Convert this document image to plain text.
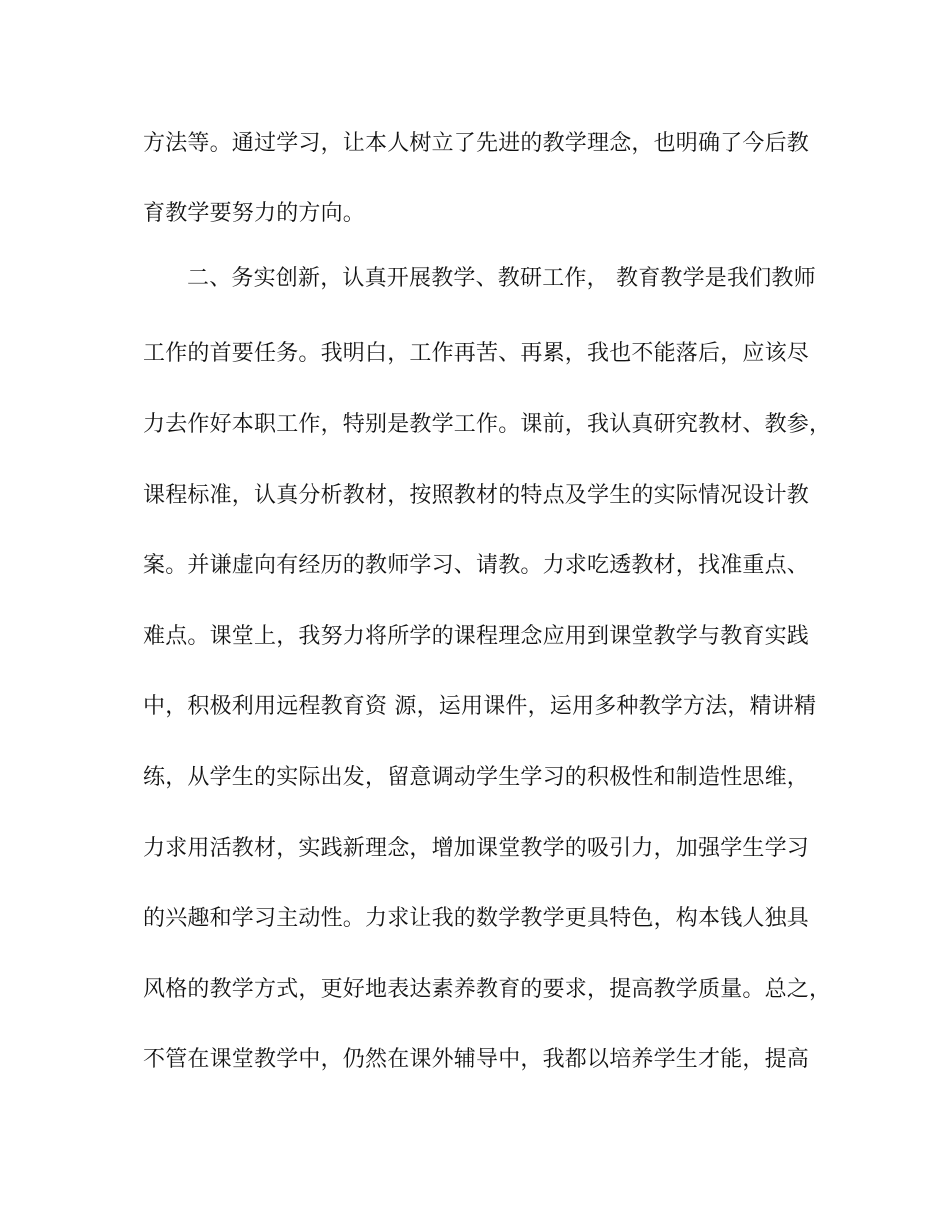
方法等。通过学习，让本人树立了先进的教学理念，也明确了今后教
育教学要努力的方向。
二、务实创新，认真开展教学、教研工作， 教育教学是我们教师
工作的首要任务。我明白，工作再苦、再累，我也不能落后，应该尽
力去作好本职工作，特别是教学工作。课前，我认真研究教材、教参，
课程标准，认真分析教材，按照教材的特点及学生的实际情况设计教
案。并谦虚向有经历的教师学习、请教。力求吃透教材，找准重点、
难点。课堂上，我努力将所学的课程理念应用到课堂教学与教育实践
中，积极利用远程教育资 源，运用课件，运用多种教学方法，精讲精
练，从学生的实际出发，留意调动学生学习的积极性和制造性思维，
力求用活教材，实践新理念，增加课堂教学的吸引力，加强学生学习
的兴趣和学习主动性。力求让我的数学教学更具特色，构本钱人独具
风格的教学方式，更好地表达素养教育的要求，提高教学质量。总之，
不管在课堂教学中，仍然在课外辅导中，我都以培养学生才能，提高
